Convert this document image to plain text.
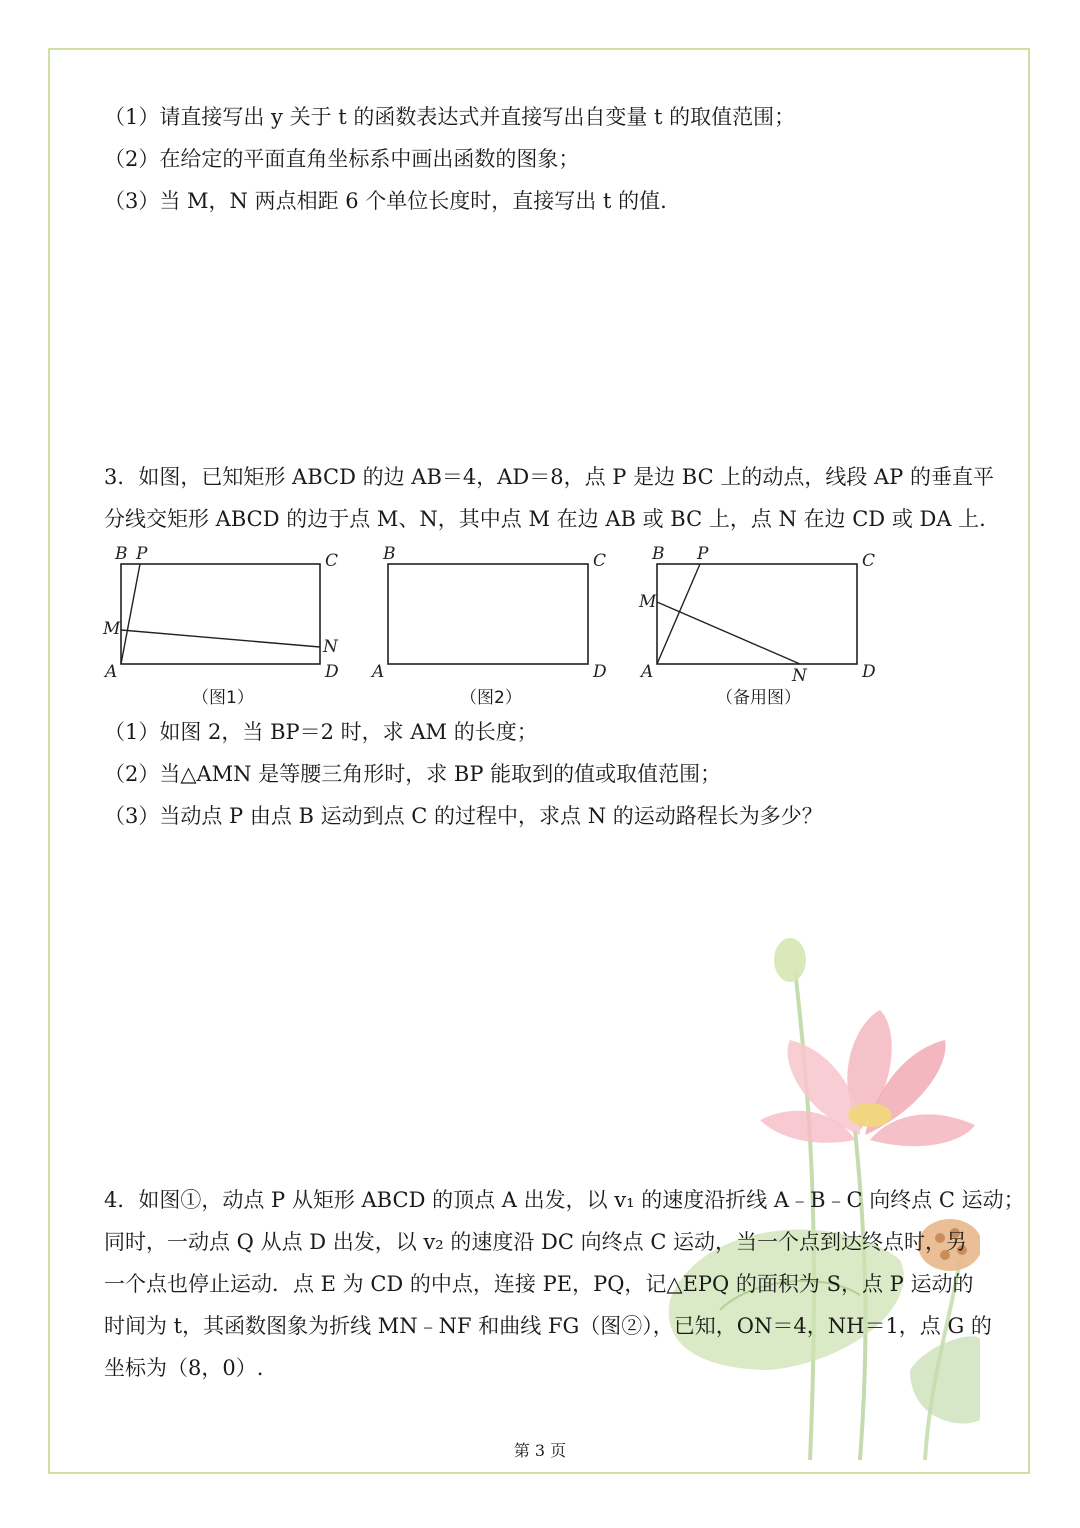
（1）请直接写出 y 关于 t 的函数表达式并直接写出自变量 t 的取值范围；
（2）在给定的平面直角坐标系中画出函数的图象；
（3）当 M，N 两点相距 6 个单位长度时，直接写出 t 的值.
3．如图，已知矩形 ABCD 的边 AB＝4，AD＝8，点 P 是边 BC 上的动点，线段 AP 的垂直平
分线交矩形 ABCD 的边于点 M、N，其中点 M 在边 AB 或 BC 上，点 N 在边 CD 或 DA 上.
B P	C
M
N
A	D
B	C
A	D
B P	C
M
N
A	D
（图1）	（图2）	（备用图）
（1）如图 2，当 BP＝2 时，求 AM 的长度；
（2）当△AMN 是等腰三角形时，求 BP 能取到的值或取值范围；
（3）当动点 P 由点 B 运动到点 C 的过程中，求点 N 的运动路程长为多少？
4．如图①，动点 P 从矩形 ABCD 的顶点 A 出发，以 v₁ 的速度沿折线 A﹣B﹣C 向终点 C 运动；
同时，一动点 Q 从点 D 出发，以 v₂ 的速度沿 DC 向终点 C 运动，当一个点到达终点时，另
一个点也停止运动．点 E 为 CD 的中点，连接 PE，PQ，记△EPQ 的面积为 S，点 P 运动的
时间为 t，其函数图象为折线 MN﹣NF 和曲线 FG（图②），已知，ON＝4，NH＝1，点 G 的
坐标为（8，0）.
第 3 页
